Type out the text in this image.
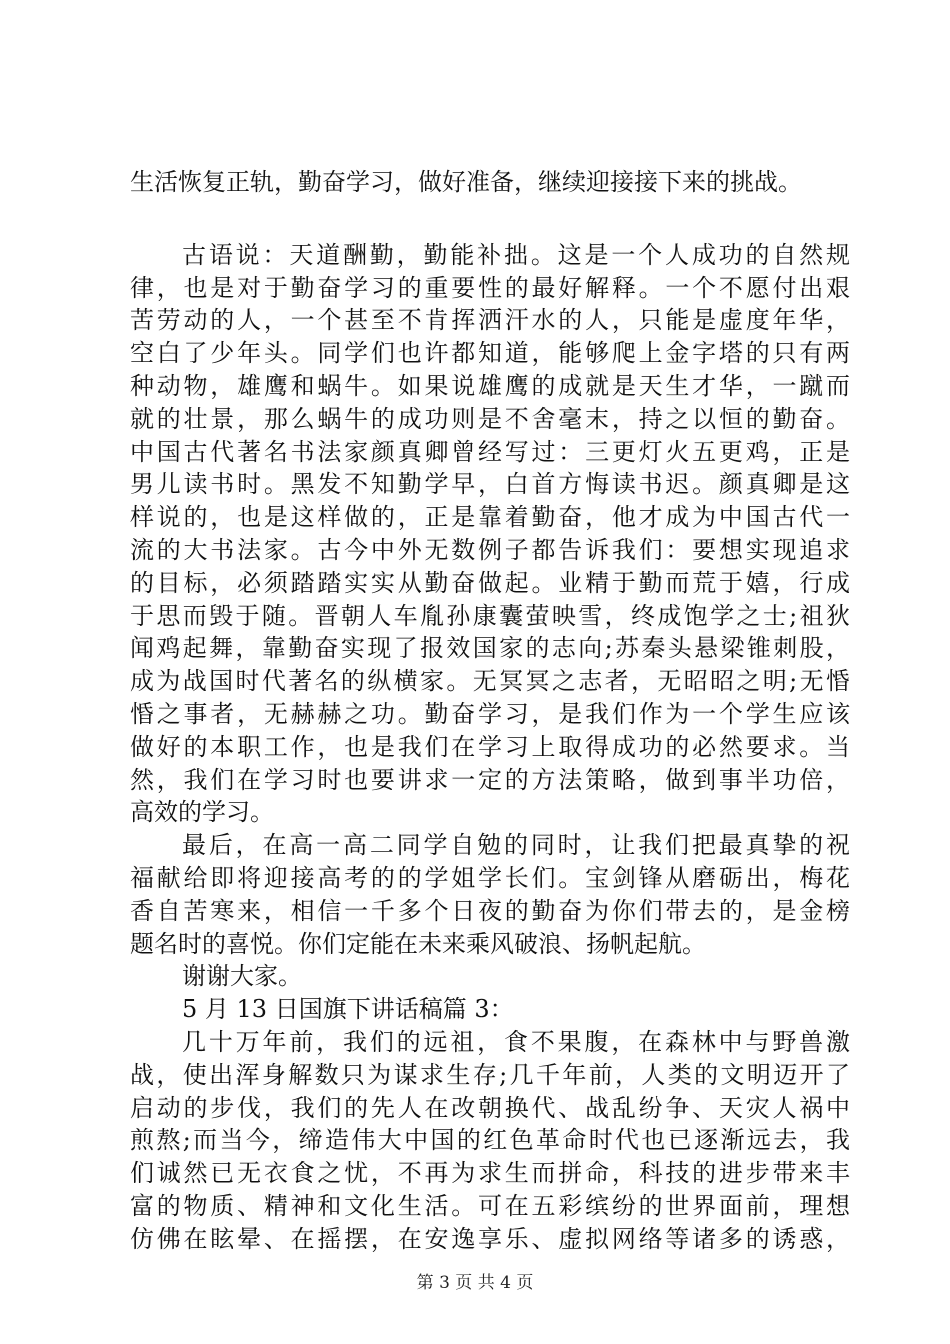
生活恢复正轨，勤奋学习，做好准备，继续迎接接下来的挑战。
古语说：天道酬勤，勤能补拙。这是一个人成功的自然规
律，也是对于勤奋学习的重要性的最好解释。一个不愿付出艰
苦劳动的人，一个甚至不肯挥洒汗水的人，只能是虚度年华，
空白了少年头。同学们也许都知道，能够爬上金字塔的只有两
种动物，雄鹰和蜗牛。如果说雄鹰的成就是天生才华，一蹴而
就的壮景，那么蜗牛的成功则是不舍毫末，持之以恒的勤奋。
中国古代著名书法家颜真卿曾经写过：三更灯火五更鸡，正是
男儿读书时。黑发不知勤学早，白首方悔读书迟。颜真卿是这
样说的，也是这样做的，正是靠着勤奋，他才成为中国古代一
流的大书法家。古今中外无数例子都告诉我们：要想实现追求
的目标，必须踏踏实实从勤奋做起。业精于勤而荒于嬉，行成
于思而毁于随。晋朝人车胤孙康囊萤映雪，终成饱学之士;祖狄
闻鸡起舞，靠勤奋实现了报效国家的志向;苏秦头悬梁锥刺股，
成为战国时代著名的纵横家。无冥冥之志者，无昭昭之明;无惛
惛之事者，无赫赫之功。勤奋学习，是我们作为一个学生应该
做好的本职工作，也是我们在学习上取得成功的必然要求。当
然，我们在学习时也要讲求一定的方法策略，做到事半功倍，
高效的学习。
最后，在高一高二同学自勉的同时，让我们把最真挚的祝
福献给即将迎接高考的的学姐学长们。宝剑锋从磨砺出，梅花
香自苦寒来，相信一千多个日夜的勤奋为你们带去的，是金榜
题名时的喜悦。你们定能在未来乘风破浪、扬帆起航。
谢谢大家。
5 月 13 日国旗下讲话稿篇 3：
几十万年前，我们的远祖，食不果腹，在森林中与野兽激
战，使出浑身解数只为谋求生存;几千年前，人类的文明迈开了
启动的步伐，我们的先人在改朝换代、战乱纷争、天灾人祸中
煎熬;而当今，缔造伟大中国的红色革命时代也已逐渐远去，我
们诚然已无衣食之忧，不再为求生而拼命，科技的进步带来丰
富的物质、精神和文化生活。可在五彩缤纷的世界面前，理想
仿佛在眩晕、在摇摆，在安逸享乐、虚拟网络等诸多的诱惑，
第 3 页 共 4 页
